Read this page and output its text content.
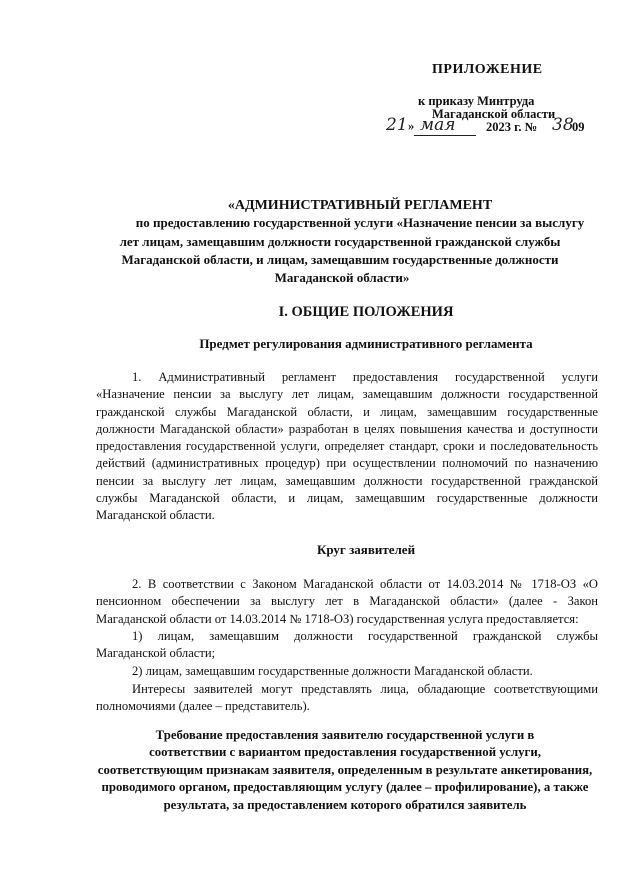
ПРИЛОЖЕНИЕ
к приказу Минтруда
Магаданской области
21 » мая 2023 г. № 38
09
«АДМИНИСТРАТИВНЫЙ РЕГЛАМЕНТ
по предоставлению государственной услуги «Назначение пенсии за выслугу
лет лицам, замещавшим должности государственной гражданской службы
Магаданской области, и лицам, замещавшим государственные должности
Магаданской области»
I. ОБЩИЕ ПОЛОЖЕНИЯ
Предмет регулирования административного регламента
1. Административный регламент предоставления государственной услуги «Назначение пенсии за выслугу лет лицам, замещавшим должности государственной гражданской службы Магаданской области, и лицам, замещавшим государственные должности Магаданской области» разработан в целях повышения качества и доступности предоставления государственной услуги, определяет стандарт, сроки и последовательность действий (административных процедур) при осуществлении полномочий по назначению пенсии за выслугу лет лицам, замещавшим должности государственной гражданской службы Магаданской области, и лицам, замещавшим государственные должности Магаданской области.
Круг заявителей
2. В соответствии с Законом Магаданской области от 14.03.2014 № 1718-ОЗ «О пенсионном обеспечении за выслугу лет в Магаданской области» (далее - Закон Магаданской области от 14.03.2014 № 1718-ОЗ) государственная услуга предоставляется:
1) лицам, замещавшим должности государственной гражданской службы Магаданской области;
2) лицам, замещавшим государственные должности Магаданской области.
Интересы заявителей могут представлять лица, обладающие соответствующими полномочиями (далее – представитель).
Требование предоставления заявителю государственной услуги в
соответствии с вариантом предоставления государственной услуги,
соответствующим признакам заявителя, определенным в результате анкетирования,
проводимого органом, предоставляющим услугу (далее – профилирование), а также
результата, за предоставлением которого обратился заявитель
